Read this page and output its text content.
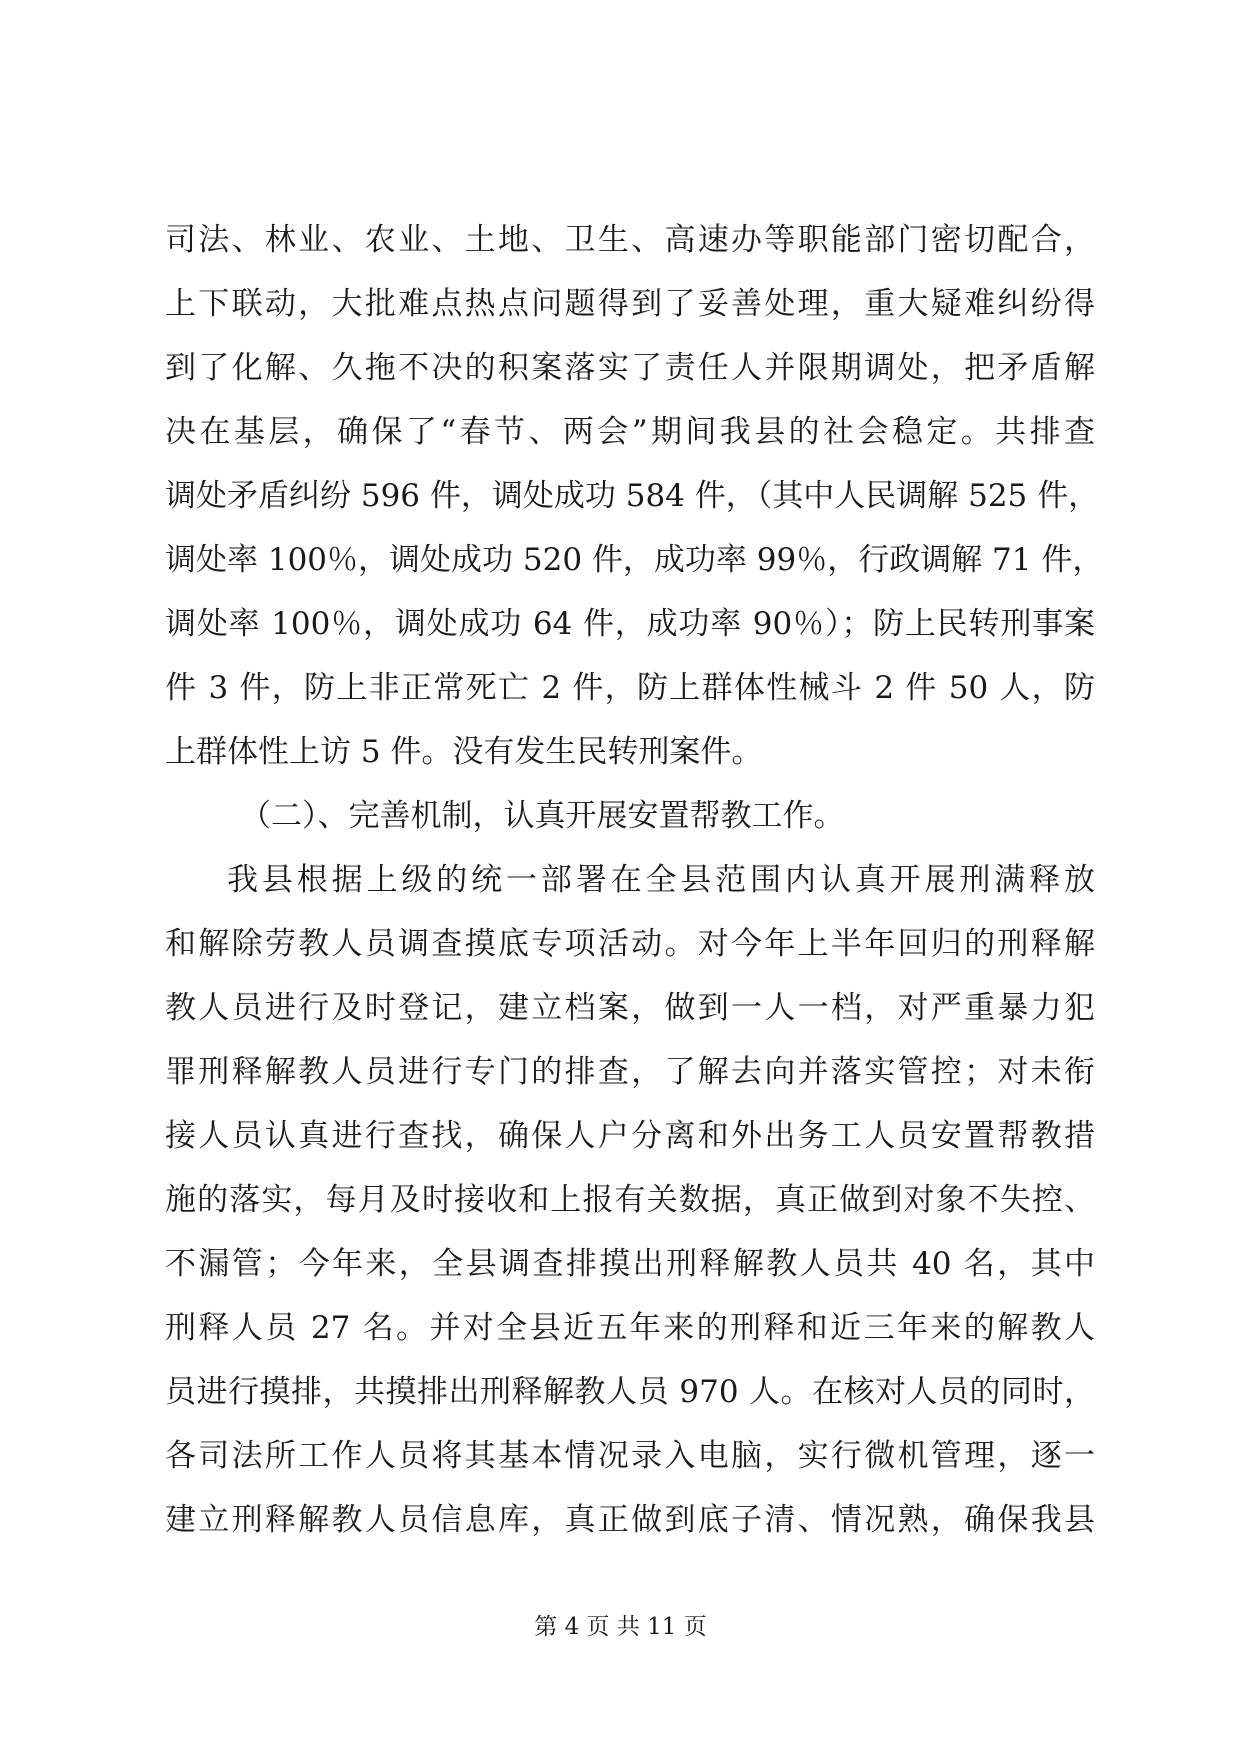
司法、林业、农业、土地、卫生、高速办等职能部门密切配合，
上下联动，大批难点热点问题得到了妥善处理，重大疑难纠纷得
到了化解、久拖不决的积案落实了责任人并限期调处，把矛盾解
决在基层，确保了“春节、两会”期间我县的社会稳定。共排查
调处矛盾纠纷 596 件，调处成功 584 件，（其中人民调解 525 件，
调处率 100％，调处成功 520 件，成功率 99％，行政调解 71 件，
调处率 100％，调处成功 64 件，成功率 90％）；防上民转刑事案
件 3 件，防上非正常死亡 2 件，防上群体性械斗 2 件 50 人，防
上群体性上访 5 件。没有发生民转刑案件。
（二）、完善机制，认真开展安置帮教工作。
我县根据上级的统一部署在全县范围内认真开展刑满释放
和解除劳教人员调查摸底专项活动。对今年上半年回归的刑释解
教人员进行及时登记，建立档案，做到一人一档，对严重暴力犯
罪刑释解教人员进行专门的排查，了解去向并落实管控；对未衔
接人员认真进行查找，确保人户分离和外出务工人员安置帮教措
施的落实，每月及时接收和上报有关数据，真正做到对象不失控、
不漏管；今年来，全县调查排摸出刑释解教人员共 40 名，其中
刑释人员 27 名。并对全县近五年来的刑释和近三年来的解教人
员进行摸排，共摸排出刑释解教人员 970 人。在核对人员的同时，
各司法所工作人员将其基本情况录入电脑，实行微机管理，逐一
建立刑释解教人员信息库，真正做到底子清、情况熟，确保我县
第 4 页 共 11 页
